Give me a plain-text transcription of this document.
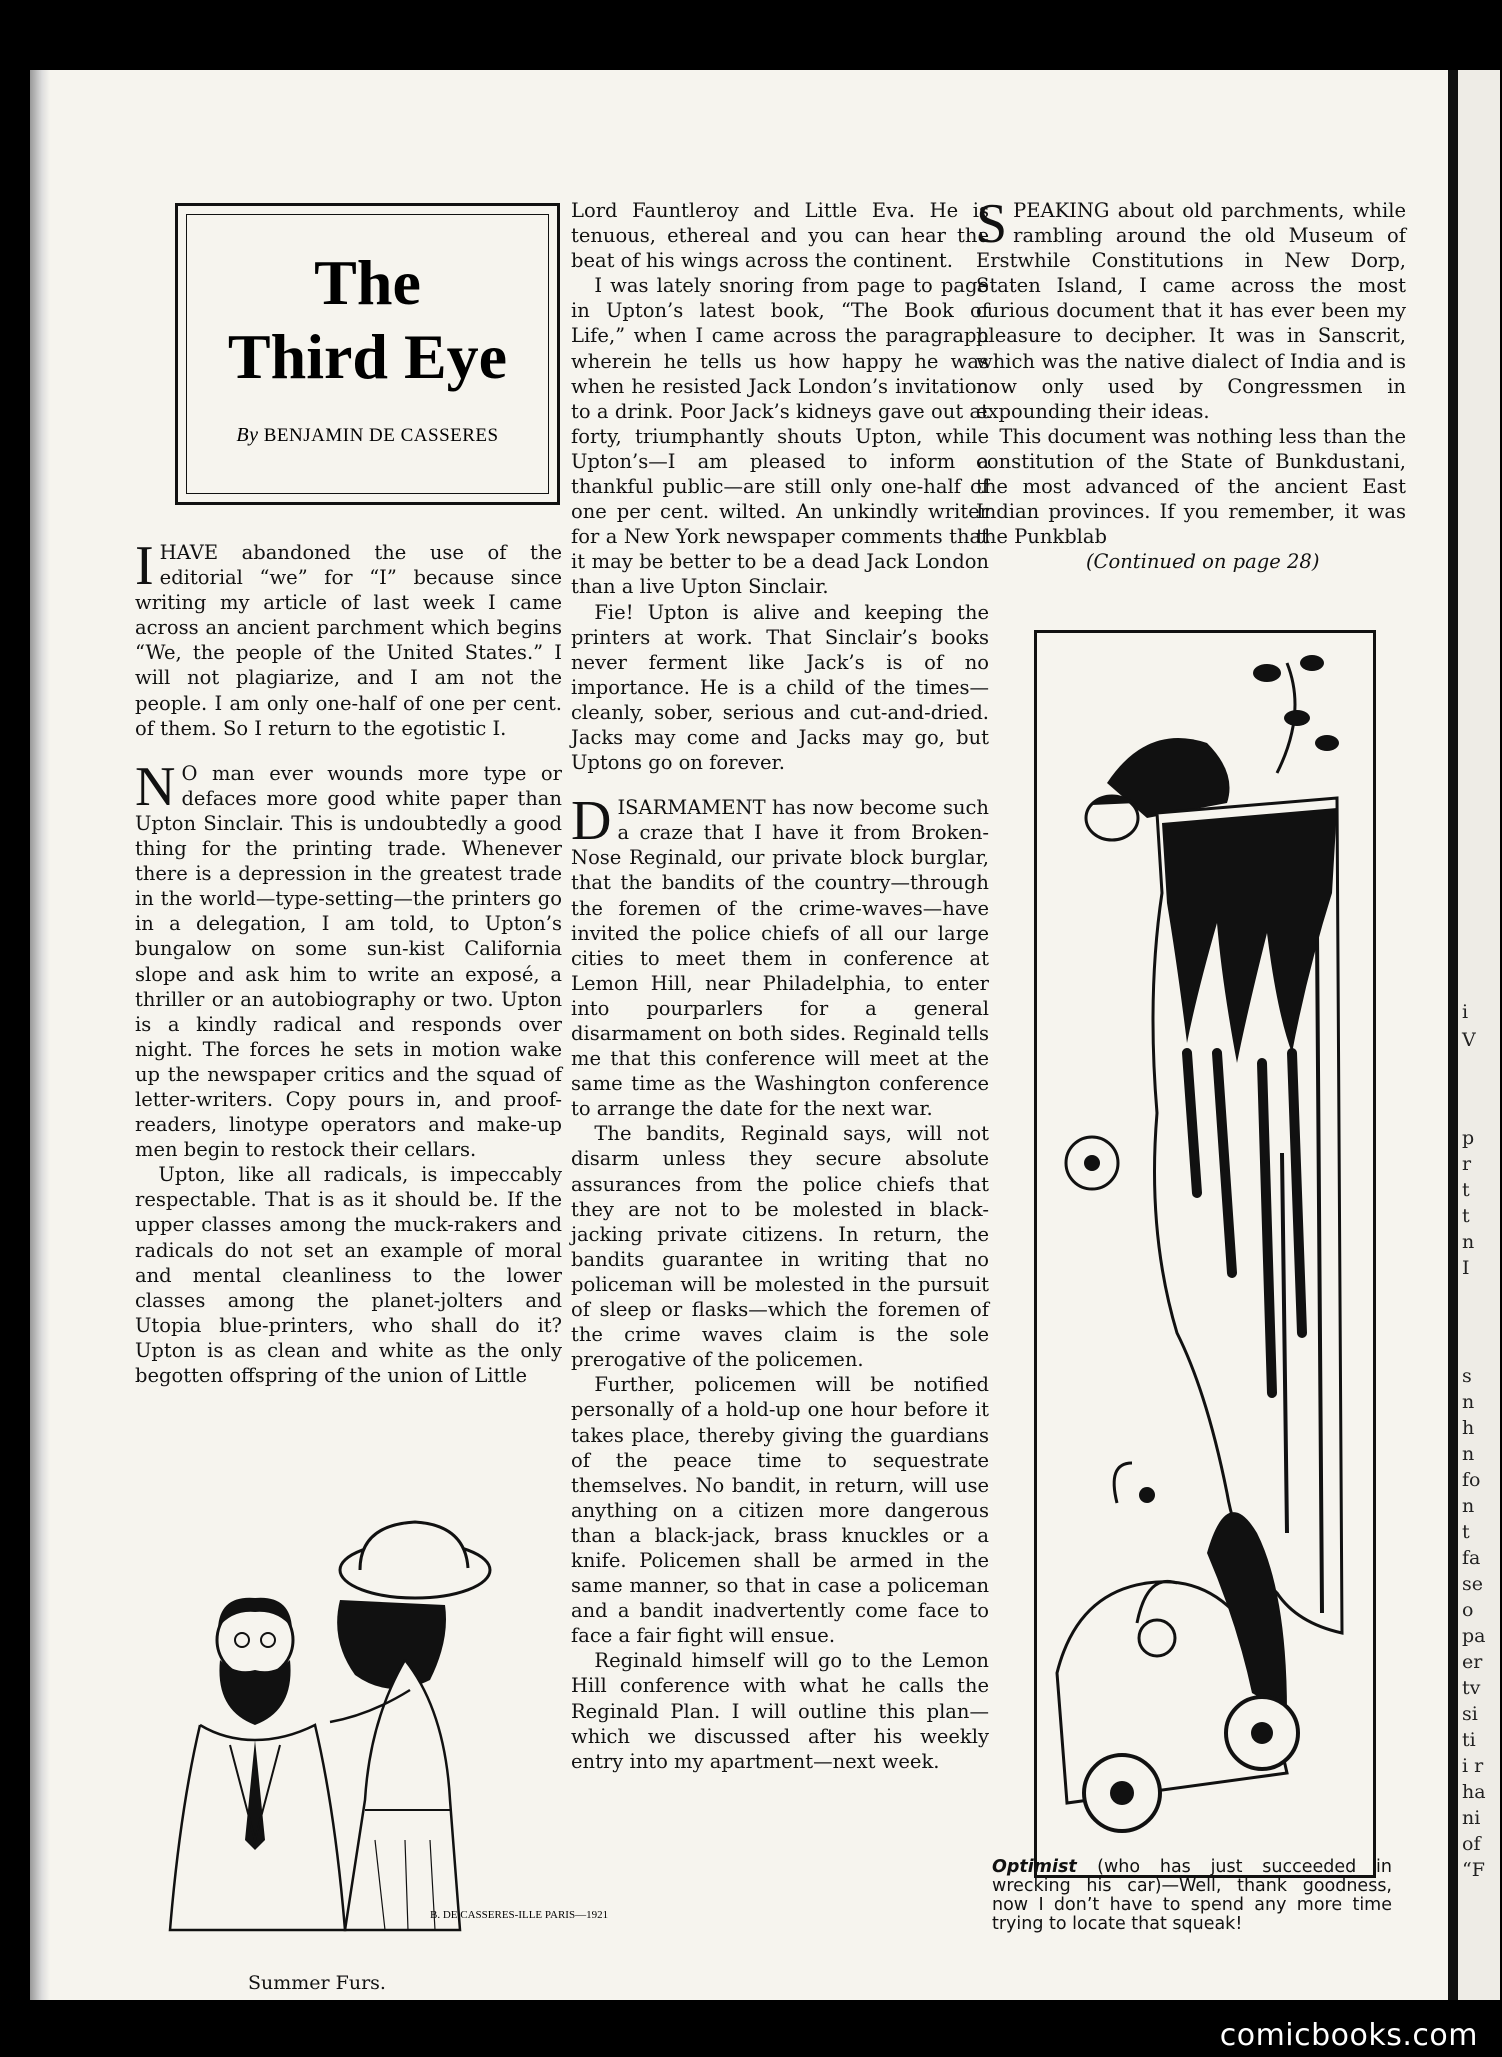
The
Third Eye
By BENJAMIN DE CASSERES

IHAVE abandoned the use of the editorial “we” for “I” because since writing my article of last week I came across an ancient parchment which begins “We, the people of the United States.” I will not plagiarize, and I am not the people. I am only one-half of one per cent. of them. So I return to the egotistic I.

N O man ever wounds more type or defaces more good white paper than Upton Sinclair. This is undoubtedly a good thing for the printing trade. Whenever there is a depression in the greatest trade in the world—type-setting—the printers go in a delegation, I am told, to Upton’s bungalow on some sun-kist California slope and ask him to write an exposé, a thriller or an autobiography or two. Upton is a kindly radical and responds over night. The forces he sets in motion wake up the newspaper critics and the squad of letter-writers. Copy pours in, and proof-readers, linotype operators and make-up men begin to restock their cellars.

Upton, like all radicals, is impeccably respectable. That is as it should be. If the upper classes among the muck-rakers and radicals do not set an example of moral and mental cleanliness to the lower classes among the planet-jolters and Utopia blue-printers, who shall do it? Upton is as clean and white as the only begotten offspring of the union of Little

B. DE CASSERES-ILLE PARIS—1921
Summer Furs.

Lord Fauntleroy and Little Eva. He is tenuous, ethereal and you can hear the beat of his wings across the continent.

I was lately snoring from page to page in Upton’s latest book, “The Book of Life,” when I came across the paragraph wherein he tells us how happy he was when he resisted Jack London’s invitation to a drink. Poor Jack’s kidneys gave out at forty, triumphantly shouts Upton, while Upton’s—I am pleased to inform a thankful public—are still only one-half of one per cent. wilted. An unkindly writer for a New York newspaper comments that it may be better to be a dead Jack London than a live Upton Sinclair.

Fie! Upton is alive and keeping the printers at work. That Sinclair’s books never ferment like Jack’s is of no importance. He is a child of the times—cleanly, sober, serious and cut-and-dried. Jacks may come and Jacks may go, but Uptons go on forever.

DISARMAMENT has now become such a craze that I have it from Broken-Nose Reginald, our private block burglar, that the bandits of the country—through the foremen of the crime-waves—have invited the police chiefs of all our large cities to meet them in conference at Lemon Hill, near Philadelphia, to enter into pourparlers for a general disarmament on both sides. Reginald tells me that this conference will meet at the same time as the Washington conference to arrange the date for the next war.

The bandits, Reginald says, will not disarm unless they secure absolute assurances from the police chiefs that they are not to be molested in black-jacking private citizens. In return, the bandits guarantee in writing that no policeman will be molested in the pursuit of sleep or flasks—which the foremen of the crime waves claim is the sole prerogative of the policemen.

Further, policemen will be notified personally of a hold-up one hour before it takes place, thereby giving the guardians of the peace time to sequestrate themselves. No bandit, in return, will use anything on a citizen more dangerous than a black-jack, brass knuckles or a knife. Policemen shall be armed in the same manner, so that in case a policeman and a bandit inadvertently come face to face a fair fight will ensue.

Reginald himself will go to the Lemon Hill conference with what he calls the Reginald Plan. I will outline this plan—which we discussed after his weekly entry into my apartment—next week.

SPEAKING about old parchments, while rambling around the old Museum of Erstwhile Constitutions in New Dorp, Staten Island, I came across the most curious document that it has ever been my pleasure to decipher. It was in Sanscrit, which was the native dialect of India and is now only used by Congressmen in expounding their ideas.

This document was nothing less than the constitution of the State of Bunkdustani, the most advanced of the ancient East Indian provinces. If you remember, it was the Punkblab

(Continued on page 28)

Optimist (who has just succeeded in wrecking his car)—Well, thank goodness, now I don’t have to spend any more time trying to locate that squeak!
20
i
V
p
r
t
t
n
I
s
n
h
n
fo
n
t
fa
se
o
pa
er
tv
si
ti
i r
ha
ni
of
“F
comicbooks.com
